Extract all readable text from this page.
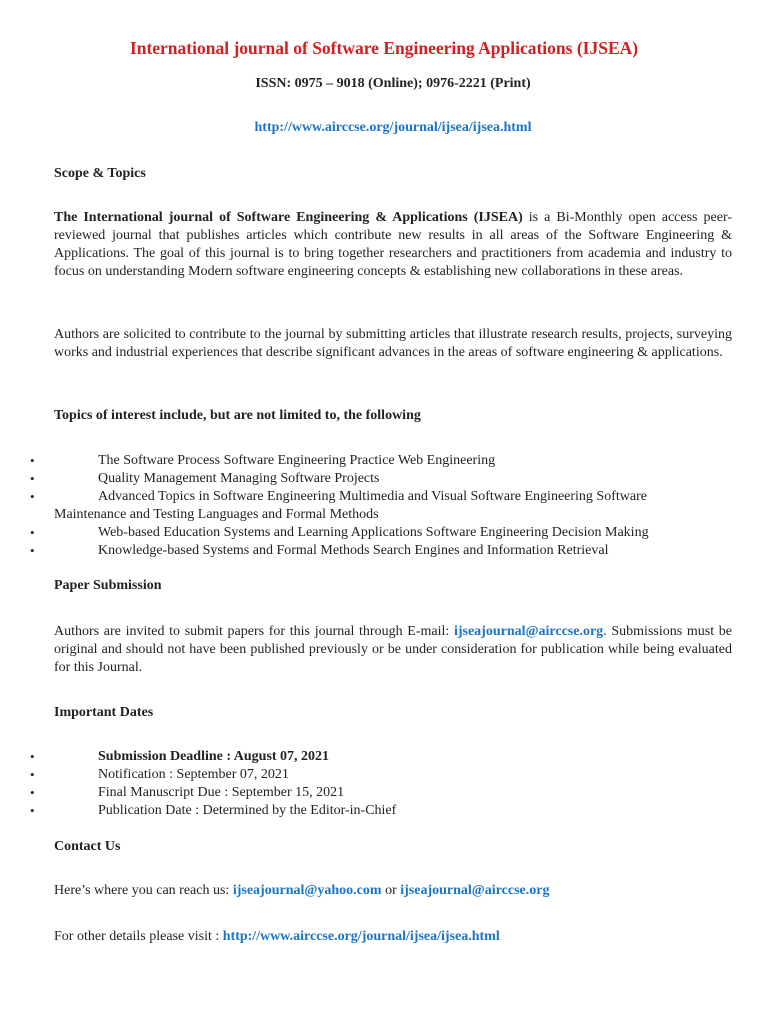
International journal of Software Engineering Applications (IJSEA)
ISSN: 0975 – 9018 (Online); 0976-2221 (Print)
http://www.airccse.org/journal/ijsea/ijsea.html
Scope & Topics

The International journal of Software Engineering & Applications (IJSEA) is a Bi-Monthly open access peer-reviewed journal that publishes articles which contribute new results in all areas of the Software Engineering & Applications. The goal of this journal is to bring together researchers and practitioners from academia and industry to focus on understanding Modern software engineering concepts & establishing new collaborations in these areas.

Authors are solicited to contribute to the journal by submitting articles that illustrate research results, projects, surveying works and industrial experiences that describe significant advances in the areas of software engineering & applications.

Topics of interest include, but are not limited to, the following
•	The Software Process Software Engineering Practice Web Engineering
•	Quality Management Managing Software Projects
•	Advanced Topics in Software Engineering Multimedia and Visual Software Engineering Software
Maintenance and Testing Languages and Formal Methods
•	Web-based Education Systems and Learning Applications Software Engineering Decision Making
•	Knowledge-based Systems and Formal Methods Search Engines and Information Retrieval
Paper Submission

Authors are invited to submit papers for this journal through E-mail: ijseajournal@airccse.org. Submissions must be original and should not have been published previously or be under consideration for publication while being evaluated for this Journal.

Important Dates
•	Submission Deadline : August 07, 2021
•	Notification : September 07, 2021
•	Final Manuscript Due : September 15, 2021
•	Publication Date : Determined by the Editor-in-Chief
Contact Us

Here’s where you can reach us: ijseajournal@yahoo.com or ijseajournal@airccse.org

For other details please visit : http://www.airccse.org/journal/ijsea/ijsea.html
